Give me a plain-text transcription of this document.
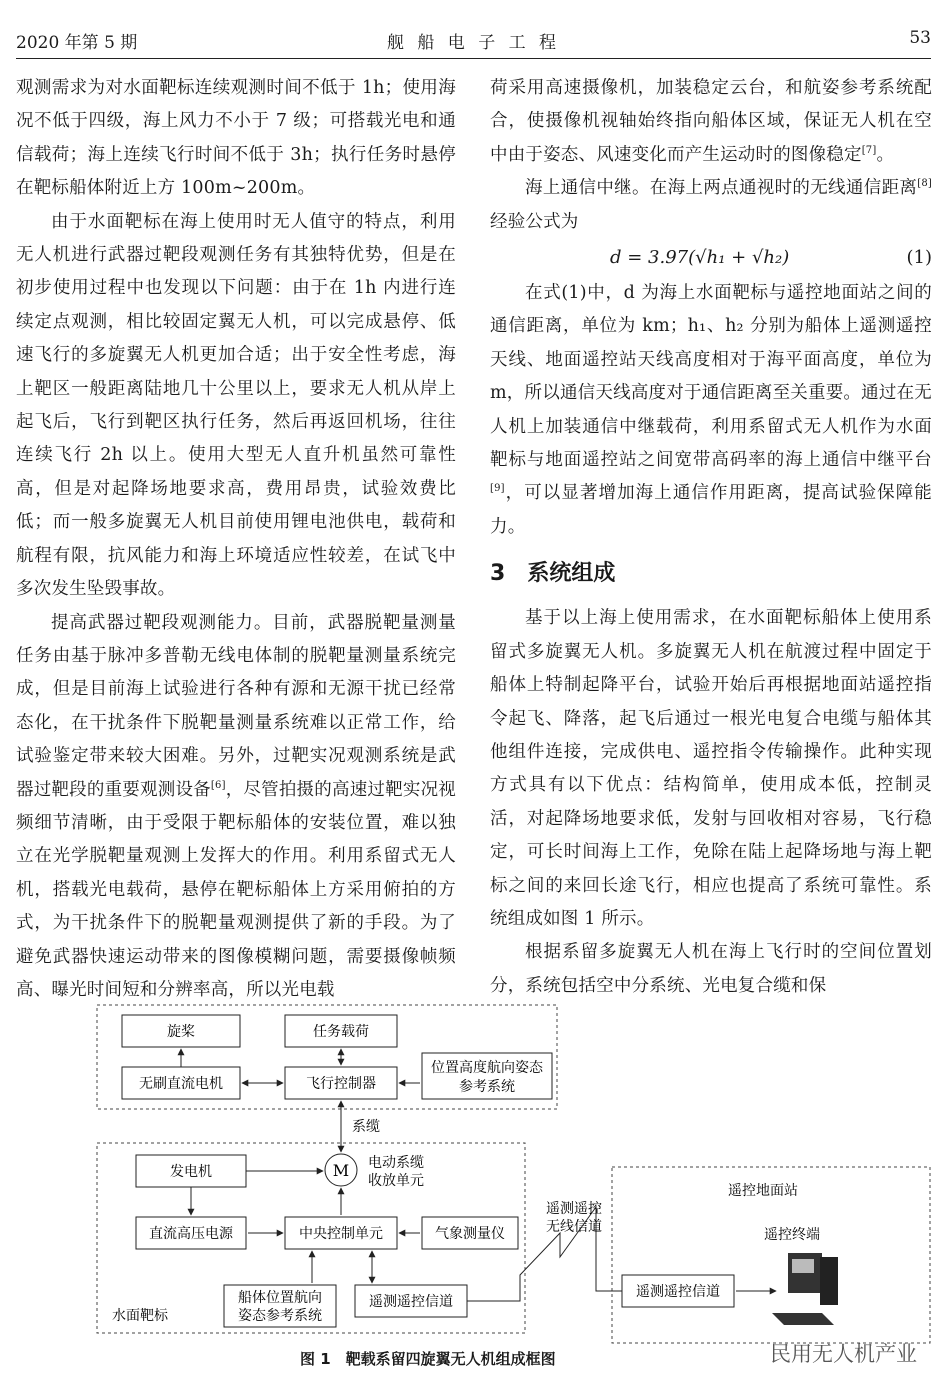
2020 年第 5 期	舰 船 电 子 工 程	53

观测需求为对水面靶标连续观测时间不低于 1h；使用海况不低于四级，海上风力不小于 7 级；可搭载光电和通信载荷；海上连续飞行时间不低于 3h；执行任务时悬停在靶标船体附近上方 100m~200m。

由于水面靶标在海上使用时无人值守的特点，利用无人机进行武器过靶段观测任务有其独特优势，但是在初步使用过程中也发现以下问题：由于在 1h 内进行连续定点观测，相比较固定翼无人机，可以完成悬停、低速飞行的多旋翼无人机更加合适；出于安全性考虑，海上靶区一般距离陆地几十公里以上，要求无人机从岸上起飞后，飞行到靶区执行任务，然后再返回机场，往往连续飞行 2h 以上。使用大型无人直升机虽然可靠性高，但是对起降场地要求高，费用昂贵，试验效费比低；而一般多旋翼无人机目前使用锂电池供电，载荷和航程有限，抗风能力和海上环境适应性较差，在试飞中多次发生坠毁事故。

提高武器过靶段观测能力。目前，武器脱靶量测量任务由基于脉冲多普勒无线电体制的脱靶量测量系统完成，但是目前海上试验进行各种有源和无源干扰已经常态化，在干扰条件下脱靶量测量系统难以正常工作，给试验鉴定带来较大困难。另外，过靶实况观测系统是武器过靶段的重要观测设备[6]，尽管拍摄的高速过靶实况视频细节清晰，由于受限于靶标船体的安装位置，难以独立在光学脱靶量观测上发挥大的作用。利用系留式无人机，搭载光电载荷，悬停在靶标船体上方采用俯拍的方式，为干扰条件下的脱靶量观测提供了新的手段。为了避免武器快速运动带来的图像模糊问题，需要摄像帧频高、曝光时间短和分辨率高，所以光电载

荷采用高速摄像机，加装稳定云台，和航姿参考系统配合，使摄像机视轴始终指向船体区域，保证无人机在空中由于姿态、风速变化而产生运动时的图像稳定[7]。

海上通信中继。在海上两点通视时的无线通信距离[8]经验公式为

d = 3.97(√h₁ + √h₂)	(1)

在式(1)中，d 为海上水面靶标与遥控地面站之间的通信距离，单位为 km；h₁、h₂ 分别为船体上遥测遥控天线、地面遥控站天线高度相对于海平面高度，单位为 m，所以通信天线高度对于通信距离至关重要。通过在无人机上加装通信中继载荷，利用系留式无人机作为水面靶标与地面遥控站之间宽带高码率的海上通信中继平台[9]，可以显著增加海上通信作用距离，提高试验保障能力。

3 系统组成

基于以上海上使用需求，在水面靶标船体上使用系留式多旋翼无人机。多旋翼无人机在航渡过程中固定于船体上特制起降平台，试验开始后再根据地面站遥控指令起飞、降落，起飞后通过一根光电复合电缆与船体其他组件连接，完成供电、遥控指令传输操作。此种实现方式具有以下优点：结构简单，使用成本低，控制灵活，对起降场地要求低，发射与回收相对容易，飞行稳定，可长时间海上工作，免除在陆上起降场地与海上靶标之间的来回长途飞行，相应也提高了系统可靠性。系统组成如图 1 所示。

根据系留多旋翼无人机在海上飞行时的空间位置划分，系统包括空中分系统、光电复合缆和保

旋桨	任务载荷
无刷直流电机	飞行控制器
位置高度航向姿态
参考系统
系缆
发电机	M 电动系缆
收放单元
直流高压电源	中央控制单元	气象测量仪
船体位置航向
姿态参考系统
遥测遥控信道
水面靶标
遥测遥控
无线信道
遥控地面站
遥控终端
遥测遥控信道
图 1　靶载系留四旋翼无人机组成框图	民用无人机产业
